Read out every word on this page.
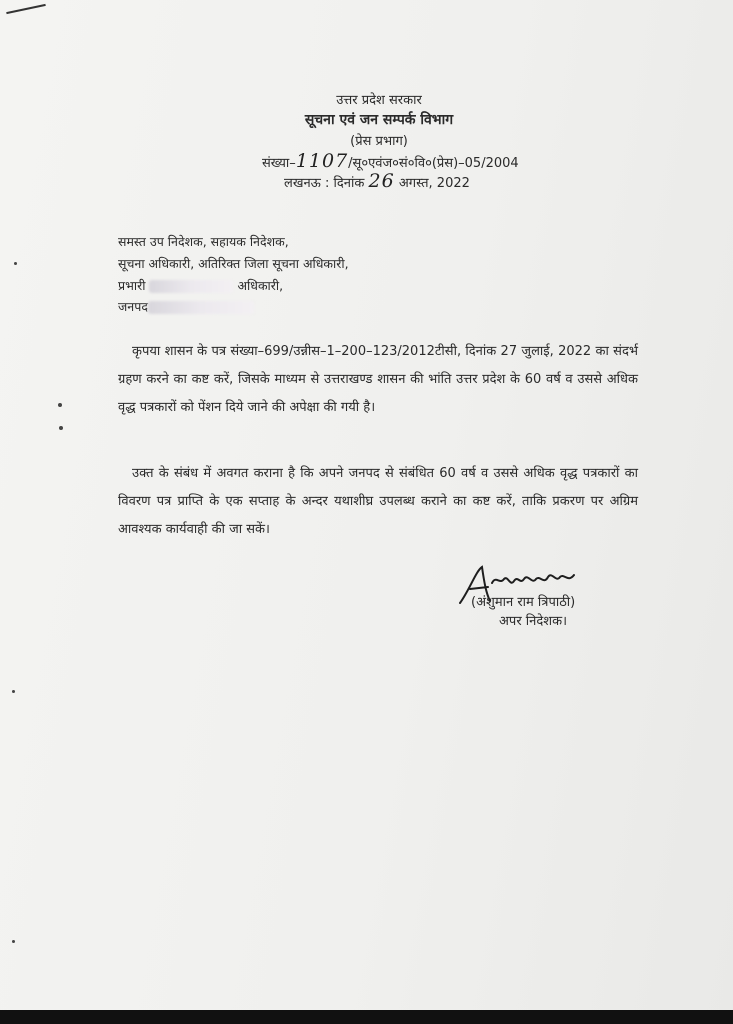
उत्तर प्रदेश सरकार
सूचना एवं जन सम्पर्क विभाग
(प्रेस प्रभाग)
संख्या–1107/सू०एवंज०सं०वि०(प्रेस)–05/2004
लखनऊ : दिनांक 26 अगस्त, 2022
समस्त उप निदेशक, सहायक निदेशक,
सूचना अधिकारी, अतिरिक्त जिला सूचना अधिकारी,
प्रभारी	अधिकारी,
जनपद

कृपया शासन के पत्र संख्या–699/उन्नीस–1–200–123/2012टीसी, दिनांक 27 जुलाई, 2022 का संदर्भ ग्रहण करने का कष्ट करें, जिसके माध्यम से उत्तराखण्ड शासन की भांति उत्तर प्रदेश के 60 वर्ष व उससे अधिक वृद्ध पत्रकारों को पेंशन दिये जाने की अपेक्षा की गयी है।

उक्त के संबंध में अवगत कराना है कि अपने जनपद से संबंधित 60 वर्ष व उससे अधिक वृद्ध पत्रकारों का विवरण पत्र प्राप्ति के एक सप्ताह के अन्दर यथाशीघ्र उपलब्ध कराने का कष्ट करें, ताकि प्रकरण पर अग्रिम आवश्यक कार्यवाही की जा सकें।

(अंशुमान राम त्रिपाठी)
अपर निदेशक।
